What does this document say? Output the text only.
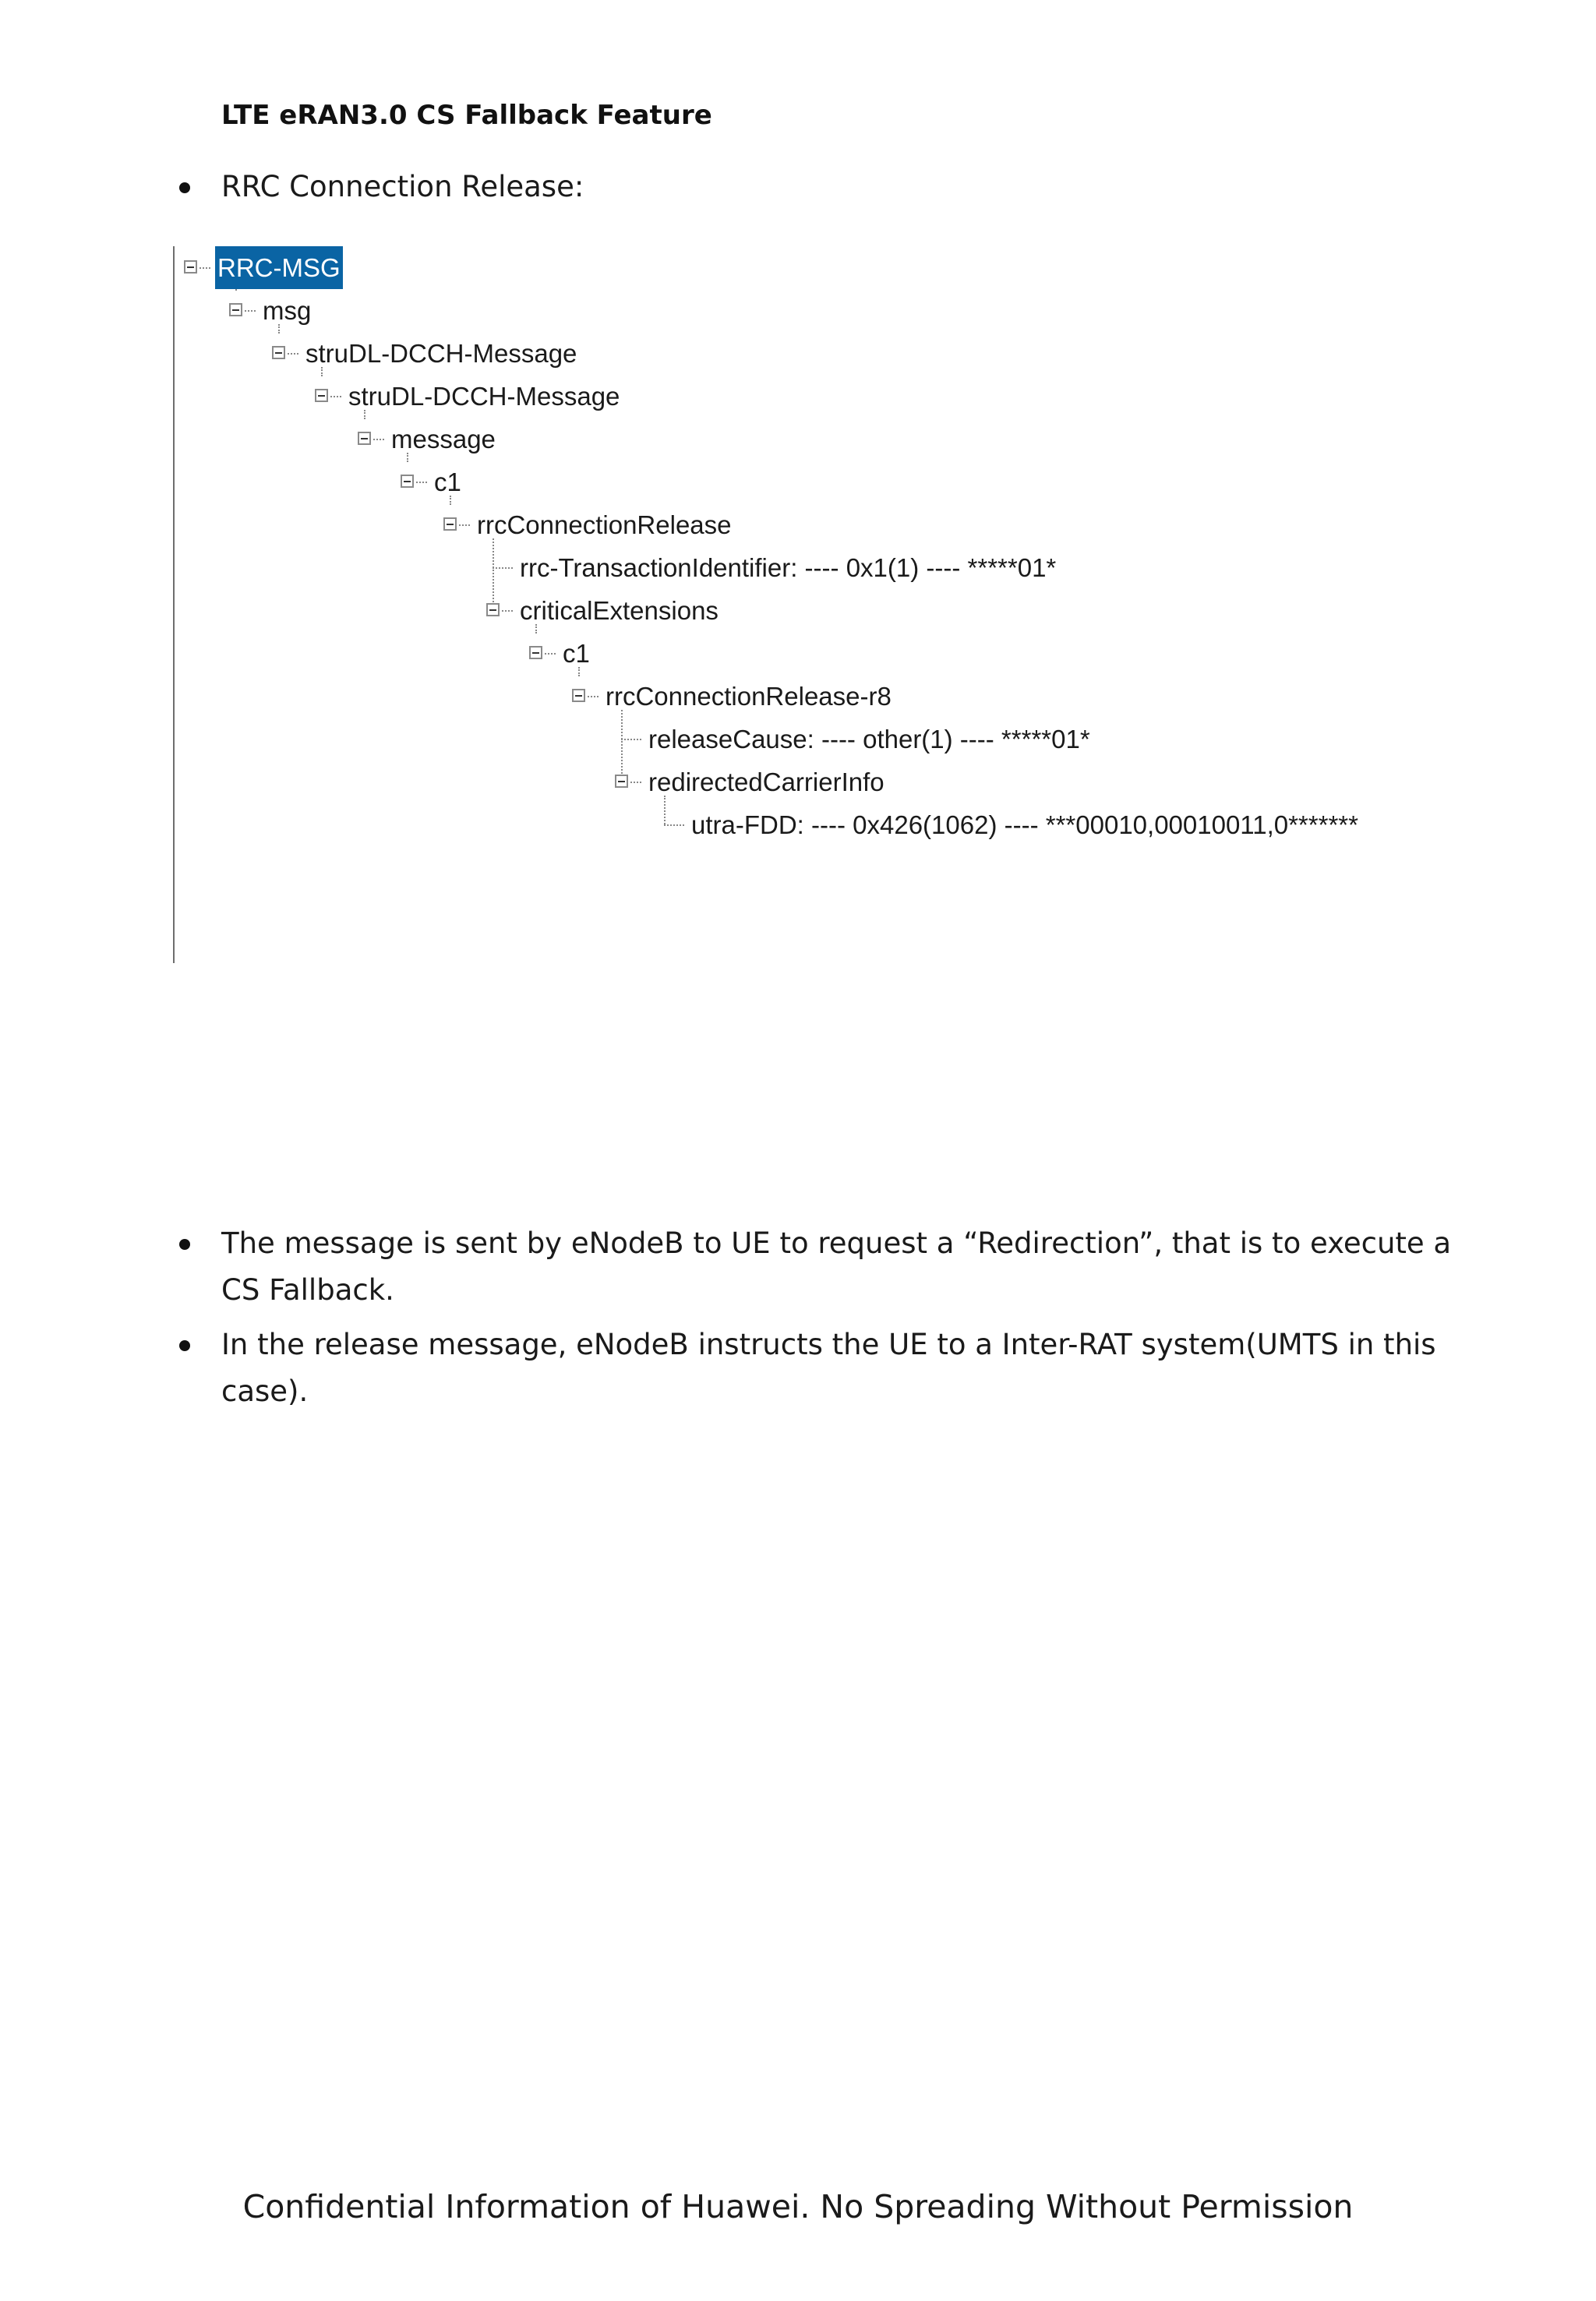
LTE eRAN3.0 CS Fallback Feature
RRC Connection Release:
RRC-MSG
msg
struDL-DCCH-Message
struDL-DCCH-Message
message
c1
rrcConnectionRelease
rrc-TransactionIdentifier: ---- 0x1(1) ---- *****01*
criticalExtensions
c1
rrcConnectionRelease-r8
releaseCause: ---- other(1) ---- *****01*
redirectedCarrierInfo
utra-FDD: ---- 0x426(1062) ---- ***00010,00010011,0*******
The message is sent by eNodeB to UE to request a “Redirection”, that is to execute a CS Fallback.
In the release message, eNodeB instructs the UE to a Inter-RAT system(UMTS in this case).
Confidential Information of Huawei. No Spreading Without Permission
